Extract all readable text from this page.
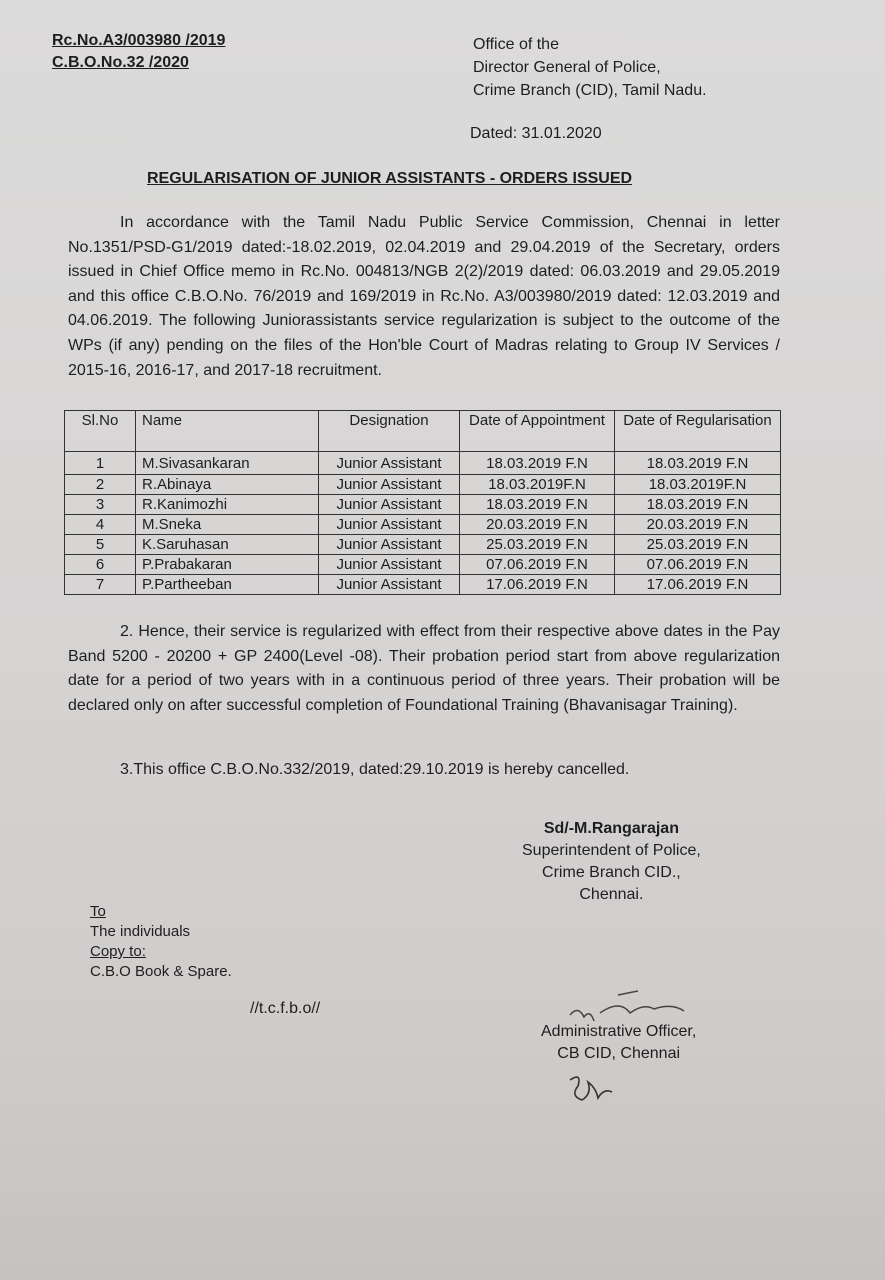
Rc.No.A3/003980 /2019
C.B.O.No.32 /2020
Office of the
Director General of Police,
Crime Branch (CID), Tamil Nadu.
Dated: 31.01.2020
REGULARISATION OF JUNIOR ASSISTANTS - ORDERS ISSUED
In accordance with the Tamil Nadu Public Service Commission, Chennai in letter No.1351/PSD-G1/2019 dated:-18.02.2019, 02.04.2019 and 29.04.2019 of the Secretary, orders issued in Chief Office memo in Rc.No. 004813/NGB 2(2)/2019 dated: 06.03.2019 and 29.05.2019 and this office C.B.O.No. 76/2019 and 169/2019 in Rc.No. A3/003980/2019 dated: 12.03.2019 and 04.06.2019. The following Juniorassistants service regularization is subject to the outcome of the WPs (if any) pending on the files of the Hon'ble Court of Madras relating to Group IV Services / 2015-16, 2016-17, and 2017-18 recruitment.
Sl.No	Name	Designation	Date of Appointment	Date of Regularisation
1	M.Sivasankaran	Junior Assistant	18.03.2019 F.N	18.03.2019 F.N
2	R.Abinaya	Junior Assistant	18.03.2019F.N	18.03.2019F.N
3	R.Kanimozhi	Junior Assistant	18.03.2019 F.N	18.03.2019 F.N
4	M.Sneka	Junior Assistant	20.03.2019 F.N	20.03.2019 F.N
5	K.Saruhasan	Junior Assistant	25.03.2019 F.N	25.03.2019 F.N
6	P.Prabakaran	Junior Assistant	07.06.2019 F.N	07.06.2019 F.N
7	P.Partheeban	Junior Assistant	17.06.2019 F.N	17.06.2019 F.N
2. Hence, their service is regularized with effect from their respective above dates in the Pay Band 5200 - 20200 + GP 2400(Level -08). Their probation period start from above regularization date for a period of two years with in a continuous period of three years. Their probation will be declared only on after successful completion of Foundational Training (Bhavanisagar Training).
3.This office C.B.O.No.332/2019, dated:29.10.2019 is hereby cancelled.
Sd/-M.Rangarajan
Superintendent of Police,
Crime Branch CID.,
Chennai.
To
The individuals
Copy to:
C.B.O Book & Spare.
//t.c.f.b.o//
Administrative Officer,
CB CID, Chennai
